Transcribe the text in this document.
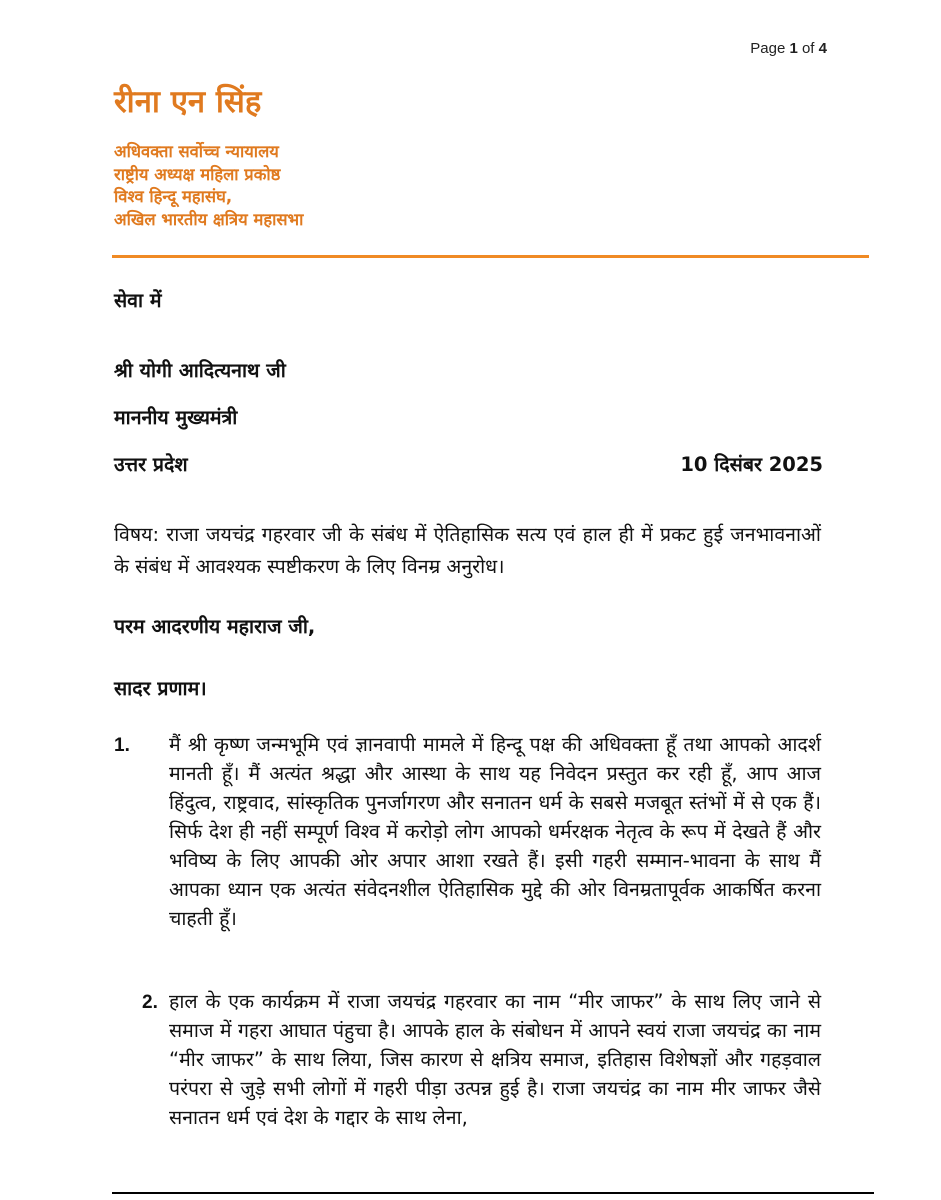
Page 1 of 4
रीना एन सिंह
अधिवक्ता सर्वोच्च न्यायालय
राष्ट्रीय अध्यक्ष महिला प्रकोष्ठ
विश्व हिन्दू महासंघ,
अखिल भारतीय क्षत्रिय महासभा
सेवा में
श्री योगी आदित्यनाथ जी
माननीय मुख्यमंत्री
उत्तर प्रदेश	10 दिसंबर 2025

विषय: राजा जयचंद्र गहरवार जी के संबंध में ऐतिहासिक सत्य एवं हाल ही में प्रकट हुई जनभावनाओं के संबंध में आवश्यक स्पष्टीकरण के लिए विनम्र अनुरोध।

परम आदरणीय महाराज जी,
सादर प्रणाम।
1. मैं श्री कृष्ण जन्मभूमि एवं ज्ञानवापी मामले में हिन्दू पक्ष की अधिवक्ता हूँ तथा आपको आदर्श मानती हूँ। मैं अत्यंत श्रद्धा और आस्था के साथ यह निवेदन प्रस्तुत कर रही हूँ, आप आज हिंदुत्व, राष्ट्रवाद, सांस्कृतिक पुनर्जागरण और सनातन धर्म के सबसे मजबूत स्तंभों में से एक हैं। सिर्फ देश ही नहीं सम्पूर्ण विश्व में करोड़ो लोग आपको धर्मरक्षक नेतृत्व के रूप में देखते हैं और भविष्य के लिए आपकी ओर अपार आशा रखते हैं। इसी गहरी सम्मान-भावना के साथ मैं आपका ध्यान एक अत्यंत संवेदनशील ऐतिहासिक मुद्दे की ओर विनम्रतापूर्वक आकर्षित करना चाहती हूँ।

2. हाल के एक कार्यक्रम में राजा जयचंद्र गहरवार का नाम “मीर जाफर” के साथ लिए जाने से समाज में गहरा आघात पंहुचा है। आपके हाल के संबोधन में आपने स्वयं राजा जयचंद्र का नाम “मीर जाफर” के साथ लिया, जिस कारण से क्षत्रिय समाज, इतिहास विशेषज्ञों और गहड़वाल परंपरा से जुड़े सभी लोगों में गहरी पीड़ा उत्पन्न हुई है। राजा जयचंद्र का नाम मीर जाफर जैसे सनातन धर्म एवं देश के गद्दार के साथ लेना,
